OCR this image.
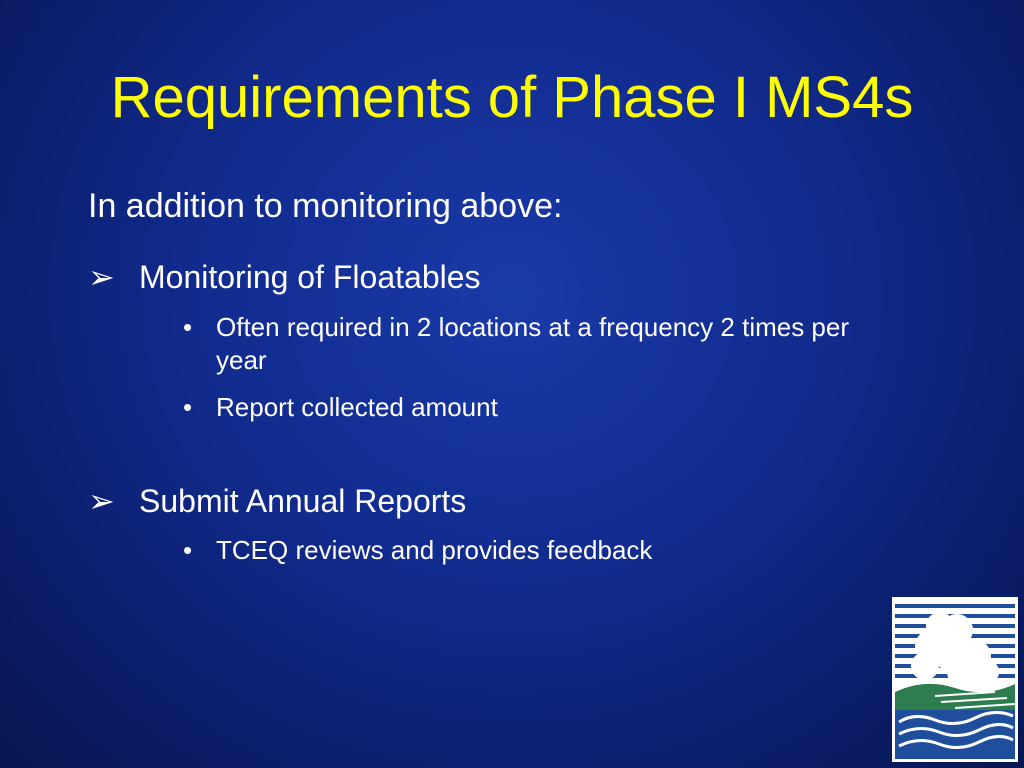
Requirements of Phase I MS4s
In addition to monitoring above:
➢ Monitoring of Floatables
• Often required in 2 locations at a frequency 2 times per year
• Report collected amount
➢ Submit Annual Reports
• TCEQ reviews and provides feedback
